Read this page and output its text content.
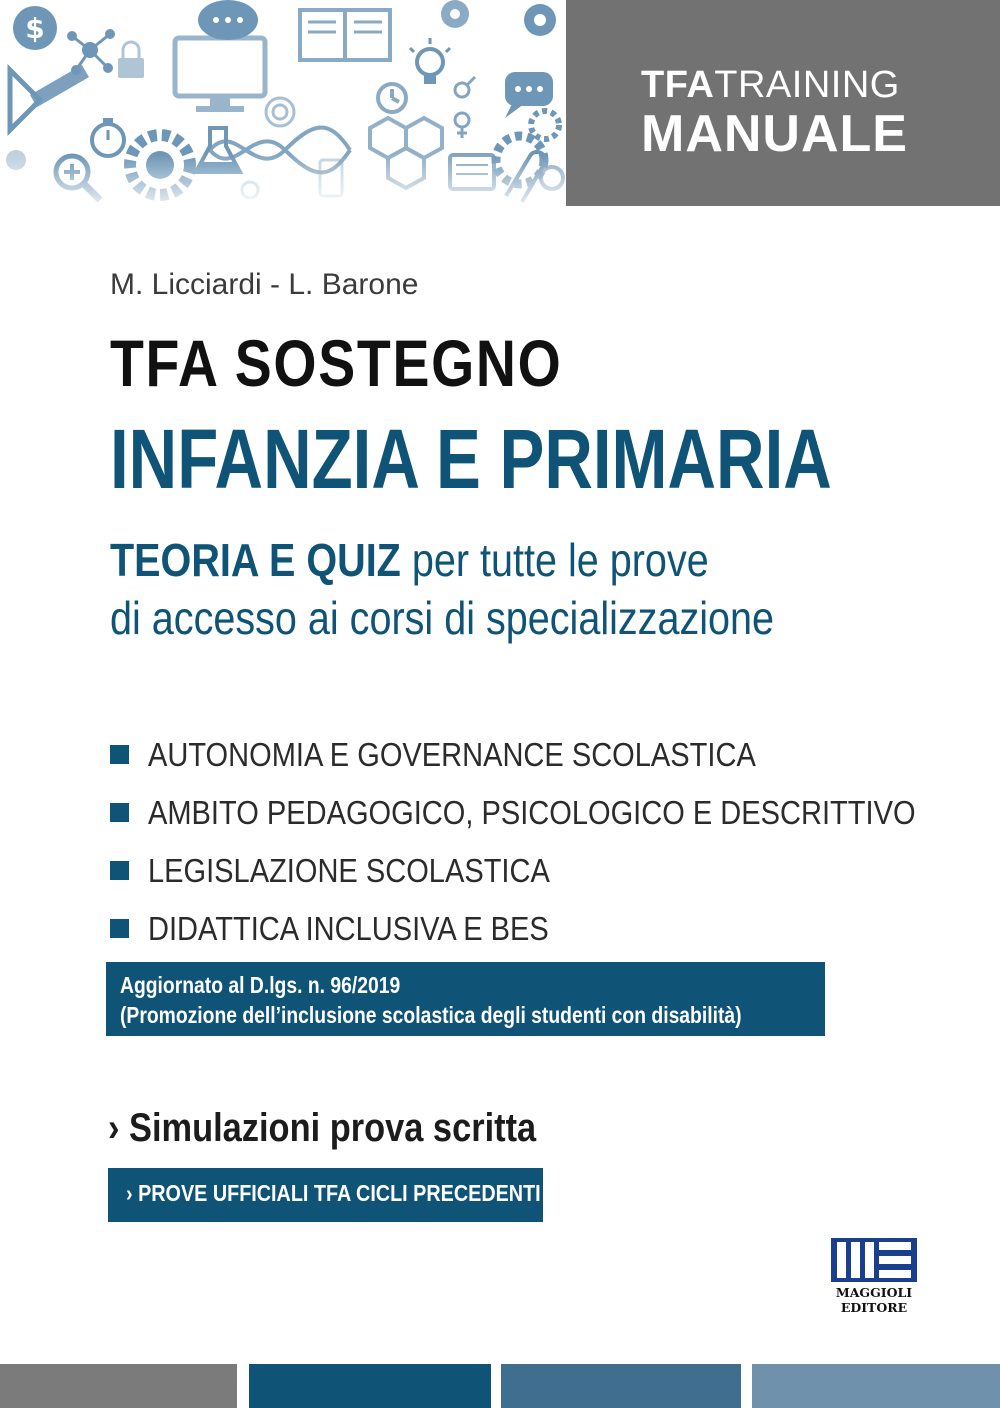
TFATRAINING
MANUALE
M. Licciardi - L. Barone
TFA SOSTEGNO
INFANZIA E PRIMARIA
TEORIA E QUIZ per tutte le prove
di accesso ai corsi di specializzazione
AUTONOMIA E GOVERNANCE SCOLASTICA
AMBITO PEDAGOGICO, PSICOLOGICO E DESCRITTIVO
LEGISLAZIONE SCOLASTICA
DIDATTICA INCLUSIVA E BES
Aggiornato al D.lgs. n. 96/2019
(Promozione dell’inclusione scolastica degli studenti con disabilità)
› Simulazioni prova scritta
› PROVE UFFICIALI TFA CICLI PRECEDENTI
MAGGIOLI
EDITORE
